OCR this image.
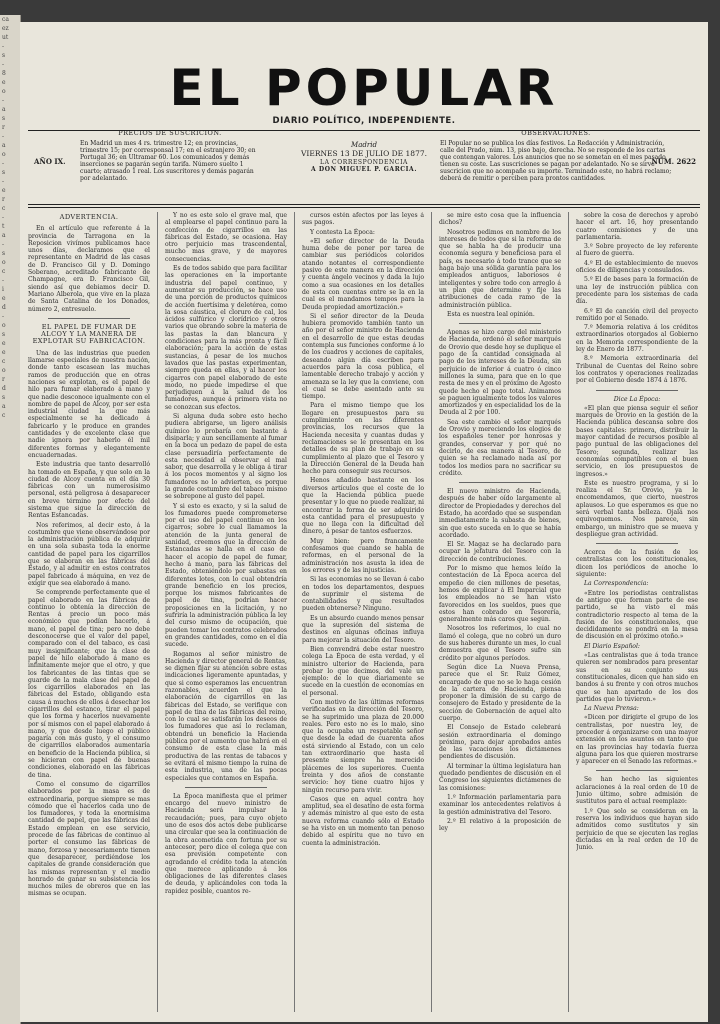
ca
ez
ut
-
s
-
8
e
o
-
a
s
r
-
a
o
-
s
-
e
r
c
-
t
a
-
s
o
c
-
i
e
d
-
o
s
e
e
c
o
r
d
s
a
c
EL POPULAR
DIARIO POLÍTICO, INDEPENDIENTE.
AÑO IX.
PRECIOS DE SUSCRICION.

En Madrid un mes 4 rs. trimestre 12; en provincias, trimestre 15; por corresponsal 17; en el estranjero 30; en Portugal 36; en Ultramar 60. Los comunicados y demás inserciones se pagarán según tarifa. Número suelto 1 cuarto; atrasado 1 real. Los suscritores y demás pagarán por adelantado.

Madrid
VIERNES 13 DE JULIO DE 1877.
LA CORRESPONDENCIA
A DON MIGUEL P. GARCIA.
OBSERVACIONES.

El Popular no se publica los días festivos. La Redacción y Administración, calle del Prado, núm. 13, piso bajo, derecha. No se responde de los cartas que contengan valores. Los anuncios que no se sometan en el mes pasado tienen su coste. Las suscriciones se pagan por adelantado. No se sirve suscricion que no acompañe su importe. Terminado este, no habrá reclamo; deberá de remitir o perciben para prontos cantidades.

NÚM. 2622
ADVERTENCIA.

En el artículo que referente á la provincia de Tarragona en la Reposicion vivímos publicamos hace unos días, declaramos que el representante en Madrid de las casas de D. Francisco Gil y D. Domingo Soberano, acreditado fabricante de Champagne, era D. Francisco Gil, siendo así que debiamos decir D. Mariano Alberola, que vive en la plaza de Santa Catalina de los Donados, número 2, entresuelo.

EL PAPEL DE FUMAR DE ALCOY Y LA MANERA DE EXPLOTAR SU FABRICACION.

Una de las industrias que pueden llamarse especiales de nuestra nación, donde tanto escasean las muchas ramos de producción que en otras naciones se explotan, es el papel de hilo para fumar elaborado á mano y que nadie desconoce igualmente con el nombre de papel de Alcoy, por ser esta industrial ciudad la que más especialmente se ha dedicado á fabricarlo y le produce en grandes cantidades y de excelente clase que nadie ignora por haberlo él mil diferentes formas y elegantemente encuadernadas.

Este industria que tanto desarrolló ha tomado en España, y que solo en la ciudad de Alcoy cuenta en el día 30 fábricas con un numerosísimo personal, está peligrosa á desaparecer en breve término por efecto del sistema que sigue la dirección de Rentas Estancadas.

Nos referimos, al decir esto, á la costumbre que viene observándose por la administración pública de adquirir en una sola subasta toda la enorme cantidad de papel para los cigarrillos que se elaboran en las fábricas del Estado, y al admitir en estos contratos papel fabricado á máquina, en vez de exigir que sea elaborado á mano.

Se comprende perfectamente que el papel elaborado en las fábricas de continuo lo obtenía la dirección de Rentas á precio un poco más económico que podían hacerlo, á mano, el papel de tina; pero no debe desconocerse que el valor del papel, comparado con el del tabaco, es casi muy insignificante; que la clase de papel de hilo elaborado á mano es infinitamente mejor que el otro, y que los fabricantes de las tintas que se guarde de la mala clase del papel de los cigarrillos elaborados en las fábricas del Estado, obligando esta causa á muchos de ellos á desechar los cigarrillos del estanco, tirar el papel que los forma y hacerlos nuevamente por sí mismos con el papel elaborado á mano, y que desde luego el público pagaría con más gusto, y el consumo de cigarrillos elaborados aumentaría en beneficio de la Hacienda pública, si se hicieran con papel de buenas condiciones, elaborado en las fábricas de tina.

Como el consumo de cigarrillos elaborados por la masa es de extraordinaria, porque siempre se mas cómodo que el hacerlos cada uno de los fumadores, y toda la enormísima cantidad de papel, que las fábricas del Estado emplean en ese servicio, procede de las fábricas de continuo al porter el consumo las fábricas de mano, forzosa y necesariamente tienen que desaparecer, perdiéndose los capitales de grande consideración que las mismas representan y el medio honrado de ganar su subsistencia los muchos miles de obreros que en las mismas se ocupan.

Y no es este solo el grave mal, que al emplearse el papel continuo para la confección de cigarrillos en las fábricas del Estado, se ocasiona. Hay otro perjuicio mas trascendental, mucho mas grave, y de mayores consecuencias.

Es de todos sabido que para facilitar las operaciones en la importante industria del papel continuo, y aumentar su producción, se hace uso de una porción de productos químicos de acción fuertísima y deletérea, como la sosa cáustica, el cloruro de cal, los ácidos sulfúrico y clorídrico y otros varios que obrando sobre la materia de las pastas la dan blancura y condiciones para la más pronta y fácil elaboración; para la acción de estas sustancias, á pesar de los muchos lavados que las pastas experimentan, siempre queda en ellas, y al hacer los cigarros con papel elaborado de este modo, no puede impedirse el que perjudiquen á la salud de los fumadores, aunque á primera vista no se conozcan sus efectos.

Si alguna duda sobre esto hecho pudiera abrigarse, un ligero análisis químico lo probaría con bastante á disiparla; y aun sencillamente al fumar en la boca un pedazo de papel de esta clase persuadiría perfectamente de esta necesidad al observar el mal sabor, que desarrolla y le obliga á tirar á los pocos momentos y al signo los fumadores no lo advierten, es porque la grande costumbre del tabaco mismo se sobrepone al gusto del papel.

Y si esto es exacto, y si la salud de los fumadores puede comprometerse por el uso del papel continuo en los cigarros; sobre lo cual llamamos la atención de la junta general de sanidad, creemos que la dirección de Estancadas se halla en el caso de hacer el acopio de papel de fumar, hecho á mano, para las fábricas del Estado, obteniéndolo por subastas en diferentes lotes, con lo cual obtendría grande beneficio en los precios, porque los mismos fabricantes de papel de tina, podrían hacer proposiciones en la licitación, y no sufriría la administración pública la ley del curso mismo de ocupación, que pueden tomar los contratos celebrados en grandes cantidades, como en el día sucede.

Rogamos al señor ministro de Hacienda y director general de Rentas, se dignen fijar su atención sobre estas indicaciones ligeramente apuntadas, y que si como esperamos las encuentran razonables, acuerden el que la elaboración de cigarrillos en las fábricas del Estado, se verifique con papel de tina de las fábricas del reino, con lo cual se satisfarán los deseos de los fumadores que así lo reclaman, obtendrá un beneficio la Hacienda pública por el aumento que habrá en el consumo de esta clase la más productiva de las rentas de tabacos y se evitará el mismo tiempo la ruina de esta industria, una de las pocas especiales que contamos en España.

La Época manifiesta que el primer encargo del nuevo ministro de Hacienda será impulsar la recaudación; pues, para cuyo objeto uno de esos dos actos debe publicarse una circular que sea la continuación de la obra acometida con fortuna por su antecesor, pero dice el colega que con esa previsión competente con agradando el crédito toda la atención que merece aplicando á los obligaciones de las diferentes clases de deuda, y aplicándoles con toda la rapidez posible, cuantos re-

cursos estén afectos por las leyes á sus pagos.

Y contesta La Época:

«El señor director de la Deuda huma debe de poner por tarea de cambiar sus periódicos coloridos atando notantes el correspondiente pasivo de este manera en la dirección y cuenta ángelo vecinos y dada la lujo como a sua ocasiones en los detalles de esta con cuentas entre se la en la cual es el mandamos tempos para la Deuda propiedad amortización.»

Si el señor director de la Deuda hubiera promovido también tanto un año por el señor ministro de Hacienda en el desarrollo de que estas deudas contempla sus funciones conforme á lo de los cuadros y acciones de capitales, deseando algún día escriben para acuerdos para la cosa pública, el lamentable derecho trabajo y acción y amenaza se la ley que la conviene, con el cual se debe asentado ante su tiempo.

Para el mismo tiempo que los llegare en presupuestos para su cumplimiento en las diferentes provincias, los recursos que la Hacienda necesita y cuantas dudas y reclamaciones se le presentan en los detalles de su plan de trabajo en su cumplimiento al plazo que el Tesoro y la Dirección General de la Deuda han hecho para conseguir sus recursos.

Henos añadido bastante en los diversos artículos que el coste de lo que la Hacienda pública puede presentar y lo que no puede realizar, ni encontrar la forma de ser adquirido esta cantidad para el presupuesto y que no llega con la dificultad del dinero, á pesar de tantos esfuerzos.

Muy bien: pero francamente confesamos que cuando se habla de reformas, en el personal de la administración nos asusta la idea de los errores y de las injusticias.

Si las economías no se llevan á cabo en todos los departamentos, despues de suprimir el sistema de contabilidades y que resultados pueden obtenerse? Ninguno.

Es un absurdo cuando menos pensar que la supresión del sistema de destinos en algunas oficinas influya para mejorar la situación del Tesoro.

Bien convendrá debe estar nuestro colega La Época de esta verdad, y el ministro ulterior de Hacienda, para probar lo que decimos, del vale un ejemplo: de lo que diariamente se sucede en la cuestión de economías en el personal.

Con motivo de las últimas reformas verificadas en la dirección del Tesoro, se ha suprimido una plaza de 20.000 reales. Pero esto no es lo malo, sino que la ocupaba un respetable señor que desde la edad de cuarenta años está sirviendo al Estado, con un celo tan extraordinario que hasta el presente siempre ha merecido plácemes de los superiores. Cuenta treinta y dos años de constante servicio: hoy tiene cuatro hijos y ningún recurso para vivir.

Casos que en aquel contra hoy amplitud, sea el desatino de esta forma y además ministro al que esto de esta nueva reforma cuando sólo el Estado se ha visto en un momento tan penoso debido al espíritu que no tuvo en cuenta la administración.

se mire esto cosa que la influencia dichos?

Nosotros pedimos en nombre de los intereses de todos que si la reforma de que se habla ha de producir una economía segura y beneficiosa para el país, es necesario á todo trance que se haga bajo una sólida garantía para los empleados antiguos, laboriosos é inteligentes y sobre todo con arreglo á un plan que determine y fije las atribuciones de cada ramo de la administración pública.

Esta es nuestra leal opinión.

Apenas se hizo cargo del ministerio de Hacienda, ordenó el señor marqués de Orovio que desde hoy se duplique el pago de la cantidad consignada al pago de los intereses de la Deuda, sin perjuicio de inferior á cuatro ó cinco millones la suma, para que en lo que resta de mes y en el próximo de Agosto quede hecho el pago total. Animamos se paguen igualmente todos los valores amortizados y en especialidad los de la Deuda al 2 por 100.

Sea este cambio el señor marqués de Orovio y mereciendo los elogios de los españoles tener por honrosas y grandes, conservar y por qué no decirlo, de esa manera al Tesoro, de quien se ha reclamado nada así por todos los medios para no sacrificar su crédito.

El nuevo ministro de Hacienda, después de haber oído largamente al director de Propiedades y derechos del Estado, ha acordado que se suspendan inmediatamente la subasta de bienes, sin que esto suceda en lo que se había acordado.

El Sr. Magaz se ha declarado para ocupar la jefatura del Tesoro con la dirección de contribuciones.

Por lo mismo que hemos leído la contestación de La Época acerca del empeño de cien millones de pesetas, hemos de explicar á El Imparcial que los empleados no se han visto favorecidos en los sueldos, pues que estos han cobrado en Tesorería, generalmente más caros que según.

Nosotros los referimos, lo cual no llamó el colega, que no cobró un duro de sus haberes durante un mes, lo cual demuestra que el Tesoro sufre sin crédito por algunos períodos.

Según dice La Nueva Prensa, parece que el Sr. Ruiz Gómez, encargado de que no se lo haga cesión de la cartera de Hacienda, piensa proponer la dimisión de su cargo de consejero de Estado y presidente de la sección de Gobernación de aquel alto cuerpo.

El Consejo de Estado celebrará sesión extraordinaria el domingo próximo, para dejar aprobados antes de las vacaciones los dictámenes pendientes de discusión.

Al terminar la última legislatura han quedado pendientes de discusión en el Congreso los siguientes dictámenes de las comisiones:

1.º Información parlamentaria para examinar los antecedentes relativos á la gestión administrativa del Tesoro.

2.º El relativo á la proposición de ley

sobre la cosa de derechos y aprobó hacer el art. 16, hoy presentando cuatro comisiones y de una parlamentaria.

3.º Sobre proyecto de ley referente al fuero de guerra.

4.º El de establecimiento de nuevos oficios de diligencias y consulados.

5.º El de bases para la formación de una ley de instrucción pública con precedente para los sistemas de cada día.

6.º El de canción civil del proyecto remitido por el Senado.

7.º Memoria relativa á los créditos extraordinarios otorgados al Gobierno en la Memoria correspondiente de la ley de Enero de 1877.

8.º Memoria extraordinaria del Tribunal de Cuentas del Reino sobre los contratos y operaciones realizadas por el Gobierno desde 1874 á 1876.

Dice La Época:

«El plan que piensa seguir el señor marqués de Orovio en la gestión de la Hacienda pública descansa sobre dos bases capitales: primera, distribuir la mayor cantidad de recursos posible al pago puntual de las obligaciones del Tesoro; segunda, realizar las economías compatibles con el buen servicio, en los presupuestos de ingresos.»

Este es nuestro programa, y si lo realiza el Sr. Orovio, ya le encomendamos, que cierto, nuestros aplausos. Lo que esperamos es que no será verbal tanta belleza. Ojalá nos equivoquemos. Nos parece, sin embargo, un ministro que se mueva y despliegue gran actividad.

Acerca de la fusión de los centralistas con los constitucionales, dicen los periódicos de anoche lo siguiente:

La Correspondencia:

«Entre los periodistas centralistas de antiguo que forman parte de ese partido, se ha visto el más contradictorio respecto al tema de la fusión de los constitucionales, que decididamente se pondrá en la mesa de discusión en el próximo otoño.»

El Diario Español:

«Las centralistas que á toda trance quieren ser nombrados para presentar sus en su conjunto sus constitucionales, dicen que han sido en bandos á su frente y con otros muchos que se han apartado de los dos partidos que lo tuvieron.»

La Nueva Prensa:

«Dicen por dirigirte el grupo de los centralistas, por nuestra ley, de proceder á organizarse con una mayor extensión en los asuntos en tanto que en las provincias hay todavía fuerza alguna para los que quieren mostrarse y aparecer en el Senado las reformas.»

Se han hecho las siguientes aclaraciones á la real orden de 10 de Junio último, sobre admisión de sustitutos para el actual reemplazo:

1.º Que solo se consideran en la reserva los individuos que hayan sido admitidos como sustitutos y sin perjuicio de que se ejecuten las reglas dictadas en la real orden de 10 de Junio.
